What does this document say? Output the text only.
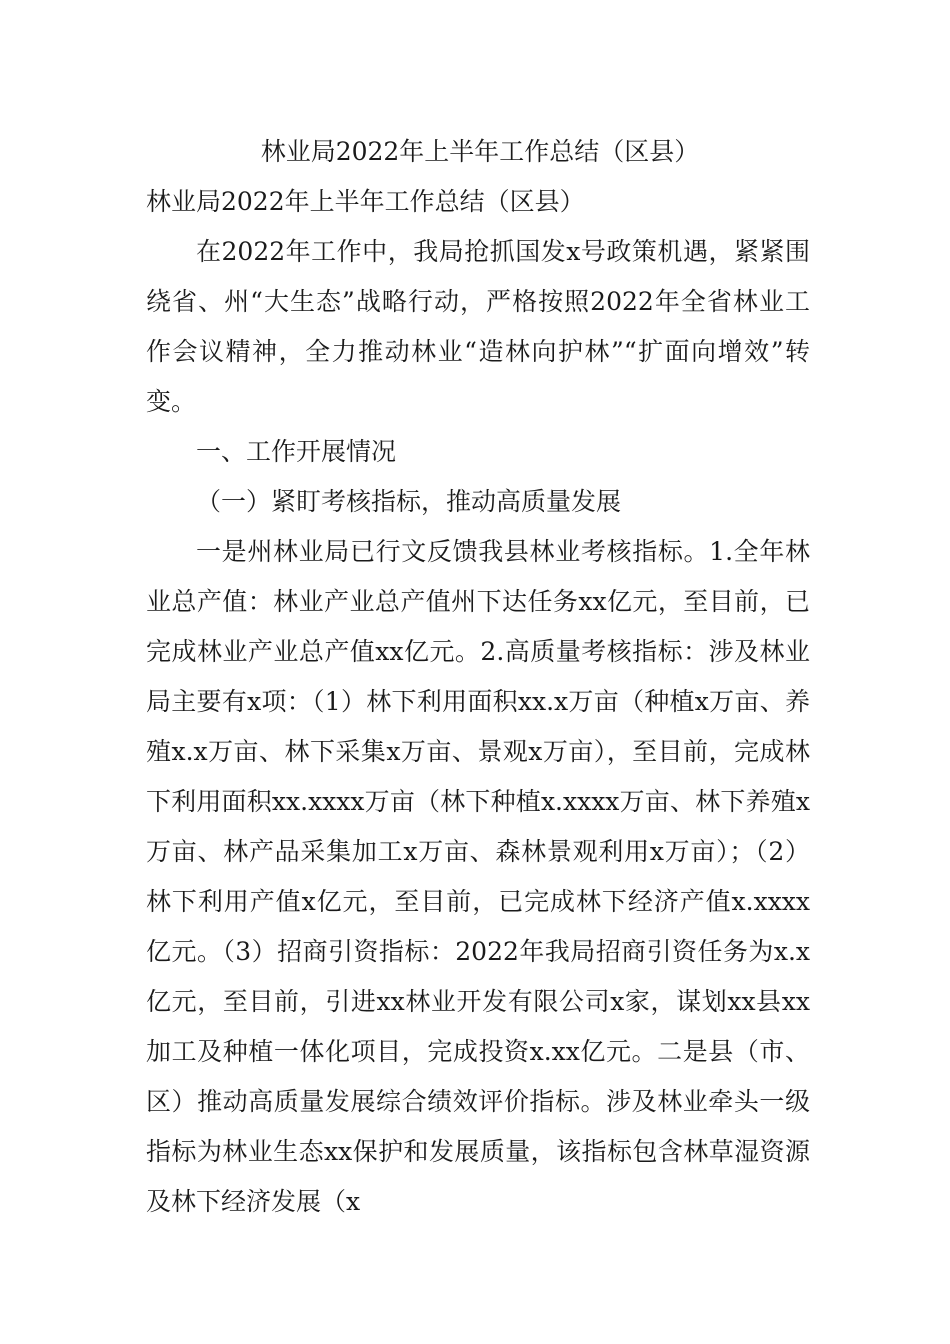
林业局2022年上半年工作总结（区县）

林业局2022年上半年工作总结（区县）

在2022年工作中，我局抢抓国发x号政策机遇，紧紧围绕省、州“大生态”战略行动，严格按照2022年全省林业工作会议精神，全力推动林业“造林向护林”“扩面向增效”转变。

一、工作开展情况

（一）紧盯考核指标，推动高质量发展

一是州林业局已行文反馈我县林业考核指标。1.全年林业总产值：林业产业总产值州下达任务xx亿元，至目前，已完成林业产业总产值xx亿元。2.高质量考核指标：涉及林业局主要有x项：（1）林下利用面积xx.x万亩（种植x万亩、养殖x.x万亩、林下采集x万亩、景观x万亩），至目前，完成林下利用面积xx.xxxx万亩（林下种植x.xxxx万亩、林下养殖x万亩、林产品采集加工x万亩、森林景观利用x万亩）；（2）林下利用产值x亿元，至目前，已完成林下经济产值x.xxxx亿元。（3）招商引资指标：2022年我局招商引资任务为x.x亿元，至目前，引进xx林业开发有限公司x家，谋划xx县xx加工及种植一体化项目，完成投资x.xx亿元。二是县（市、区）推动高质量发展综合绩效评价指标。涉及林业牵头一级指标为林业生态xx保护和发展质量，该指标包含林草湿资源及林下经济发展（x
